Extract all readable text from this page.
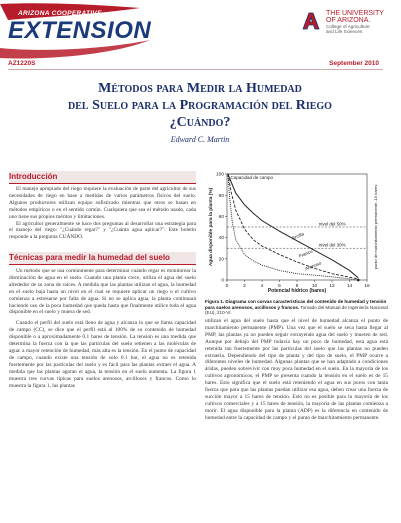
ARIZONA COOPERATIVE
EXTENSION
THE UNIVERSITY
OF ARIZONA.
College of Agriculture
and Life Sciences
AZ1220S	September 2010
Métodos para Medir la Humedad
del Suelo para la Programación del Riego
¿Cuándo?
Edward C. Martin
Introducción

El manejo apropiado del riego requiere la evaluación de parte del agricultor de sus necesidades de riego en base a medidas de varios parámetros físicos del suelo. Algunos productores utilizan equipo sofisticado mientras que otros se basan en métodos empíricos o en el sentido común. Cualquiera que sea el método usado, cada uno tiene sus propios méritos y limitaciones.

El agricultor generalmente se hace dos preguntas al desarrollar una estrategia para el manejo del riego: "¿Cuándo regar?" y "¿Cuánta agua aplicar?". Este boletín responde a la pregunta CUÁNDO.

Técnicas para medir la humedad del suelo

Un método que se usa comúnmente para determinar cuándo regar es monitorear la disminución de agua en el suelo. Cuando una planta crece, utiliza el agua del suelo alrededor de su zona de raíces. A medida que las plantas utilizan el agua, la humedad en el suelo baja hasta un nivel en el cual se requiere aplicar un riego o el cultivo comienza a estresarse por falta de agua. Si no se aplica agua, la planta continuará haciendo uso de la poca humedad que queda hasta que finalmente utilice toda el agua disponible en el suelo y muera de sed.

Cuando el perfil del suelo está lleno de agua y alcanza lo que se llama capacidad de campo (CC), se dice que el perfil está al 100% de su contenido de humedad disponible o a aproximadamente 0.1 bares de tensión. La tensión es una medida que determina la fuerza con la que las partículas del suelo retienen a las moléculas de agua: a mayor retención de humedad, más alta es la tensión. En el punto de capacidad de campo, cuando existe una tensión de solo 0.1 bar, el agua no es retenida fuertemente por las partículas del suelo y es fácil para las plantas extraer el agua. A medida que las plantas agotan el agua, la tensión en el suelo aumenta. La figura 1 muestra tres curvas típicas para suelos arenosos, arcillosos y francos. Como lo muestra la figura 1, las plantas

0	2	4	6	8	10	12	14	16
0
20
40
60
80
100
Potencial hídrico (bares)
Agua disponible para la planta (%)	punto de marchitamiento permanente -15 bares
Capacidad de campo
nivel del 50%
nivel del 30%
Arcilla
Franco
Arenoso
Figura 1. Diagrama con curvas características del contenido de humedad y tensión para suelos arenosos, arcillosos y francos. Tomado del Manual de Ingeniería Nacional (EU), 210-VI.

utilizan el agua del suelo hasta que el nivel de humedad alcanza el punto de marchitamiento permanente (PMP). Una vez que el suelo se seca hasta llegar al PMP, las plantas ya no pueden seguir extrayendo agua del suelo y mueren de sed. Aunque por debajo del PMP todavía hay un poco de humedad, esta agua está retenida tan fuertemente por las partículas del suelo que las plantas no pueden extraerla. Dependiendo del tipo de planta y del tipo de suelo, el PMP ocurre a diferentes niveles de humedad. Algunas plantas que se han adaptado a condiciones áridas, pueden sobrevivir con muy poca humedad en el suelo. En la mayoría de los cultivos agronómicos, el PMP se presenta cuando la tensión en el suelo es de 15 bares. Esto significa que el suelo está reteniendo el agua en sus poros con tanta fuerza que para que las plantas puedan utilizar esa agua, deben crear una fuerza de succión mayor a 15 bares de tensión. Esto no es posible para la mayoría de los cultivos comerciales y a 15 bares de tensión, la mayoría de las plantas comienza a morir. El agua disponible para la planta (ADP) es la diferencia en contenido de humedad entre la capacidad de campo y el punto de marchitamiento permanente.
